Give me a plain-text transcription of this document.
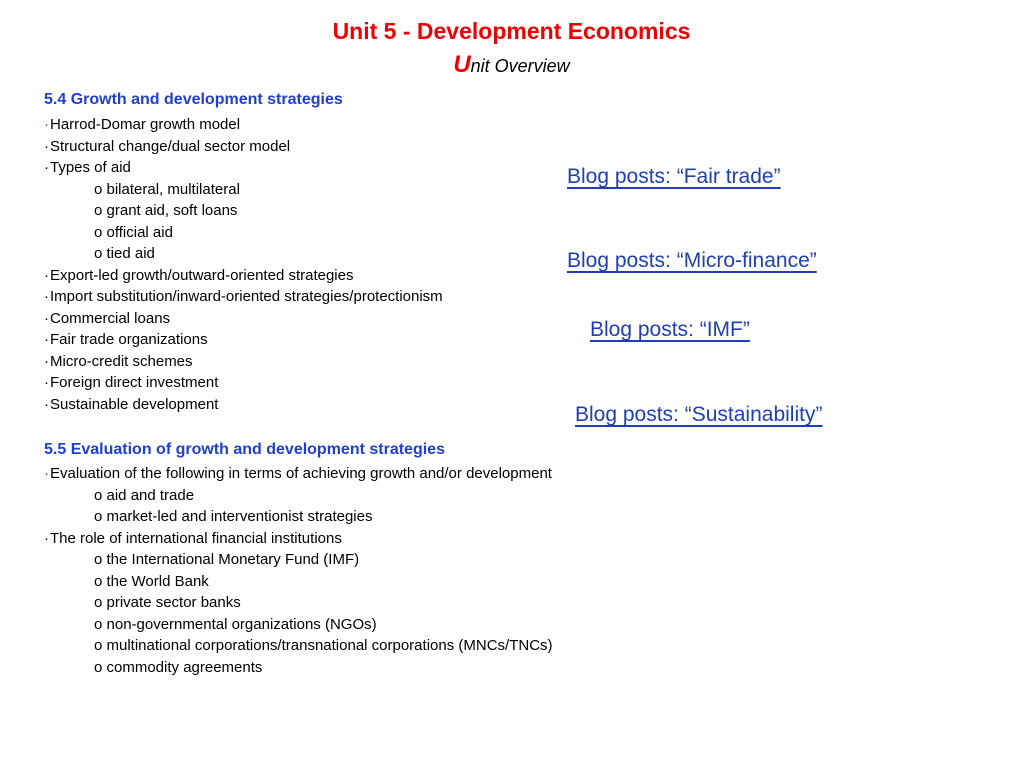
Unit 5 - Development Economics
Unit Overview
5.4 Growth and development strategies
·Harrod-Domar growth model
·Structural change/dual sector model
·Types of aid
o bilateral, multilateral
o grant aid, soft loans
o official aid
o tied aid
·Export-led growth/outward-oriented strategies
·Import substitution/inward-oriented strategies/protectionism
·Commercial loans
·Fair trade organizations
·Micro-credit schemes
·Foreign direct investment
·Sustainable development
5.5 Evaluation of growth and development strategies
·Evaluation of the following in terms of achieving growth and/or development
o aid and trade
o market-led and interventionist strategies
·The role of international financial institutions
o the International Monetary Fund (IMF)
o the World Bank
o private sector banks
o non-governmental organizations (NGOs)
o multinational corporations/transnational corporations (MNCs/TNCs)
o commodity agreements
Blog posts: “Fair trade”
Blog posts: “Micro-finance”
Blog posts: “IMF”
Blog posts: “Sustainability”
